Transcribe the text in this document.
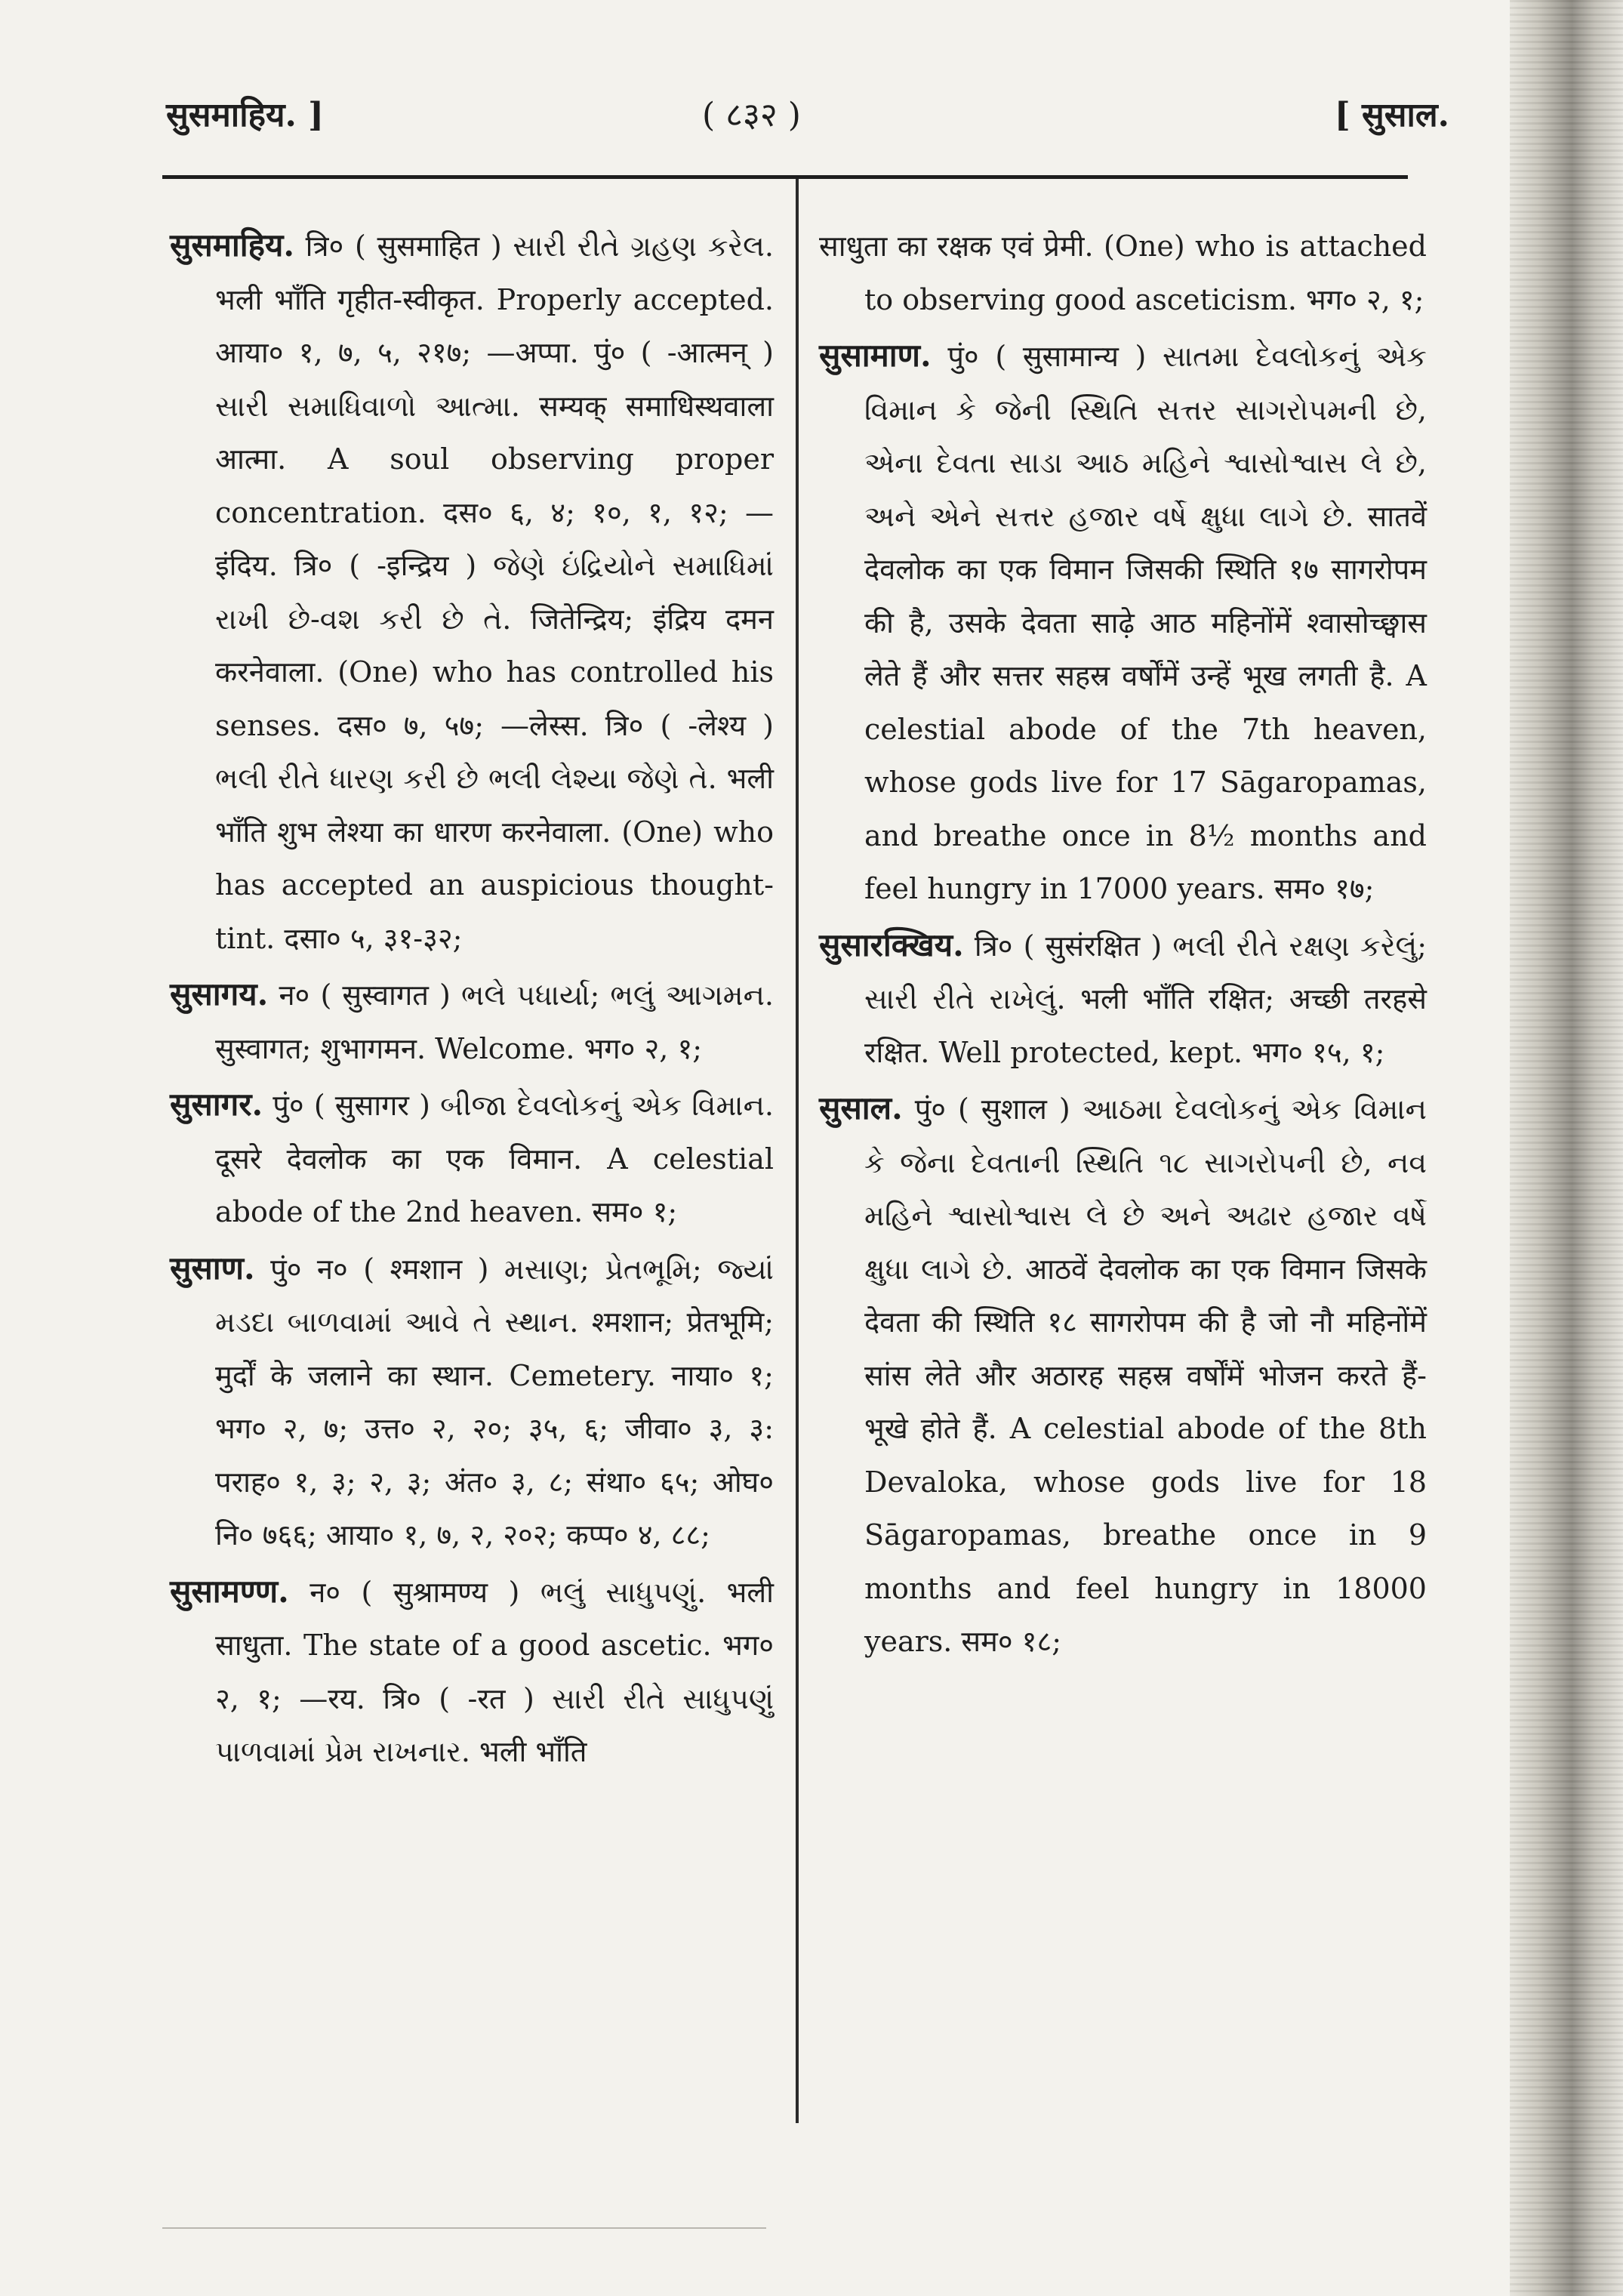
सुसमाहिय. ]	( ८३२ )	[ सुसाल.

सुसमाहिय. त्रि० ( सुसमाहित ) સારી રીતે ગ્રહણ કરેલ. भली भाँति गृहीत-स्वीकृत. Properly accepted. आया० १, ७, ५, २१७; —अप्पा. पुं० ( -आत्मन् ) સારી સમાધિવાળો આત્મા. सम्यक् समाधिस्थवाला आत्मा. A soul observing proper concentration. दस० ६, ४; १०, १, १२; —इंदिय. त्रि० ( -इन्द्रिय ) જેણે ઇંદ્રિયોને સમાધિમાં રાખી છે-વશ કરી છે તે. जितेन्द्रिय; इंद्रिय दमन करनेवाला. (One) who has controlled his senses. दस० ७, ५७; —लेस्स. त्रि० ( -लेश्य ) ભલી રીતે ધારણ કરી છે ભલી લેશ્યા જેણે તે. भली भाँति शुभ लेश्या का धारण करनेवाला. (One) who has accepted an auspicious thought-tint. दसा० ५, ३१-३२;

सुसागय. न० ( सुस्वागत ) ભલે પધાર્યા; ભલું આગમન. सुस्वागत; शुभागमन. Welcome. भग० २, १;

सुसागर. पुं० ( सुसागर ) બીજા દેવલોકનું એક વિમાન. दूसरे देवलोक का एक विमान. A celestial abode of the 2nd heaven. सम० १;

सुसाण. पुं० न० ( श्मशान ) મસાણ; પ્રેતભૂમિ; જ્યાં મડદા બાળવામાં આવે તે સ્થાન. श्मशान; प्रेतभूमि; मुर्दों के जलाने का स्थान. Cemetery. नाया० १; भग० २, ७; उत्त० २, २०; ३५, ६; जीवा० ३, ३: पराह० १, ३; २, ३; अंत० ३, ८; संथा० ६५; ओघ० नि० ७६६; आया० १, ७, २, २०२; कप्प० ४, ८८;

सुसामण्ण. न० ( सुश्रामण्य ) ભલું સાધુપણું. भली साधुता. The state of a good ascetic. भग० २, १; —रय. त्रि० ( -रत ) સારી રીતે સાધુપણું પાળવામાં પ્રેમ રાખનાર. भली भाँति

साधुता का रक्षक एवं प्रेमी. (One) who is attached to observing good asceticism. भग० २, १;

सुसामाण. पुं० ( सुसामान्य ) સાતમા દેવલોકનું એક વિમાન કે જેની સ્થિતિ સત્તર સાગરોપમની છે, એના દેવતા સાડા આઠ મહિને શ્વાસોશ્વાસ લે છે, અને એને સત્તર હજાર વર્ષે ક્ષુધા લાગે છે. सातवें देवलोक का एक विमान जिसकी स्थिति १७ सागरोपम की है, उसके देवता साढ़े आठ महिनोंमें श्वासोच्छ्वास लेते हैं और सत्तर सहस्र वर्षोंमें उन्हें भूख लगती है. A celestial abode of the 7th heaven, whose gods live for 17 Sāgaropamas, and breathe once in 8½ months and feel hungry in 17000 years. सम० १७;

सुसारक्खिय. त्रि० ( सुसंरक्षित ) ભલી રીતે રક્ષણ કરેલું; સારી રીતે રાખેલું. भली भाँति रक्षित; अच्छी तरहसे रक्षित. Well protected, kept. भग० १५, १;

सुसाल. पुं० ( सुशाल ) આઠમા દેવલોકનું એક વિમાન કે જેના દેવતાની સ્થિતિ ૧૮ સાગરોપની છે, નવ મહિને શ્વાસોશ્વાસ લે છે અને અઢાર હજાર વર્ષે ક્ષુધા લાગે છે. आठवें देवलोक का एक विमान जिसके देवता की स्थिति १८ सागरोपम की है जो नौ महिनोंमें सांस लेते और अठारह सहस्र वर्षोंमें भोजन करते हैं-भूखे होते हैं. A celestial abode of the 8th Devaloka, whose gods live for 18 Sāgaropamas, breathe once in 9 months and feel hungry in 18000 years. सम० १८;
